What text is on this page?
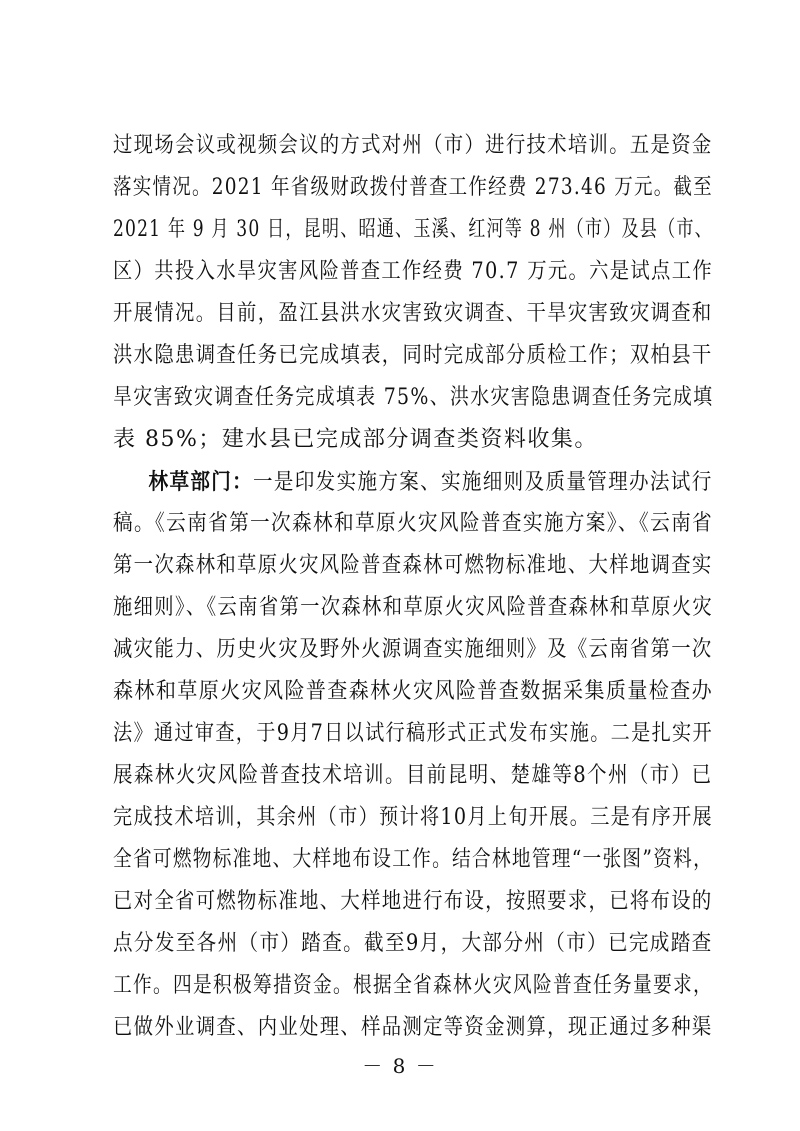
过现场会议或视频会议的方式对州（市）进行技术培训。五是资金
落实情况。2021 年省级财政拨付普查工作经费 273.46 万元。截至
2021 年 9 月 30 日，昆明、昭通、玉溪、红河等 8 州（市）及县（市、
区）共投入水旱灾害风险普查工作经费 70.7 万元。六是试点工作
开展情况。目前，盈江县洪水灾害致灾调查、干旱灾害致灾调查和
洪水隐患调查任务已完成填表，同时完成部分质检工作；双柏县干
旱灾害致灾调查任务完成填表 75%、洪水灾害隐患调查任务完成填
表 85%；建水县已完成部分调查类资料收集。
林草部门：一是印发实施方案、实施细则及质量管理办法试行
稿。《云南省第一次森林和草原火灾风险普查实施方案》、《云南省
第一次森林和草原火灾风险普查森林可燃物标准地、大样地调查实
施细则》、《云南省第一次森林和草原火灾风险普查森林和草原火灾
减灾能力、历史火灾及野外火源调查实施细则》及《云南省第一次
森林和草原火灾风险普查森林火灾风险普查数据采集质量检查办
法》通过审查，于9月7日以试行稿形式正式发布实施。二是扎实开
展森林火灾风险普查技术培训。目前昆明、楚雄等8个州（市）已
完成技术培训，其余州（市）预计将10月上旬开展。三是有序开展
全省可燃物标准地、大样地布设工作。结合林地管理“一张图”资料，
已对全省可燃物标准地、大样地进行布设，按照要求，已将布设的
点分发至各州（市）踏查。截至9月，大部分州（市）已完成踏查
工作。四是积极筹措资金。根据全省森林火灾风险普查任务量要求，
已做外业调查、内业处理、样品测定等资金测算，现正通过多种渠
－ 8 －
